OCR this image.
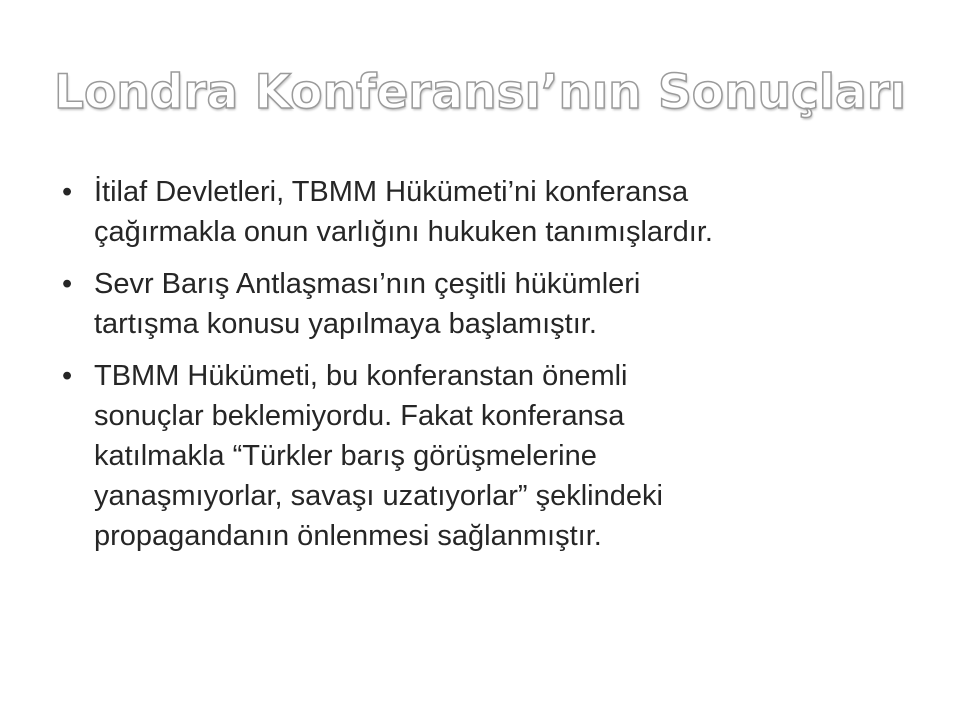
Londra Konferansı’nın Sonuçları
• İtilaf Devletleri, TBMM Hükümeti’ni konferansa
çağırmakla onun varlığını hukuken tanımışlardır.
• Sevr Barış Antlaşması’nın çeşitli hükümleri
tartışma konusu yapılmaya başlamıştır.
• TBMM Hükümeti, bu konferanstan önemli
sonuçlar beklemiyordu. Fakat konferansa
katılmakla “Türkler barış görüşmelerine
yanaşmıyorlar, savaşı uzatıyorlar” şeklindeki
propagandanın önlenmesi sağlanmıştır.
